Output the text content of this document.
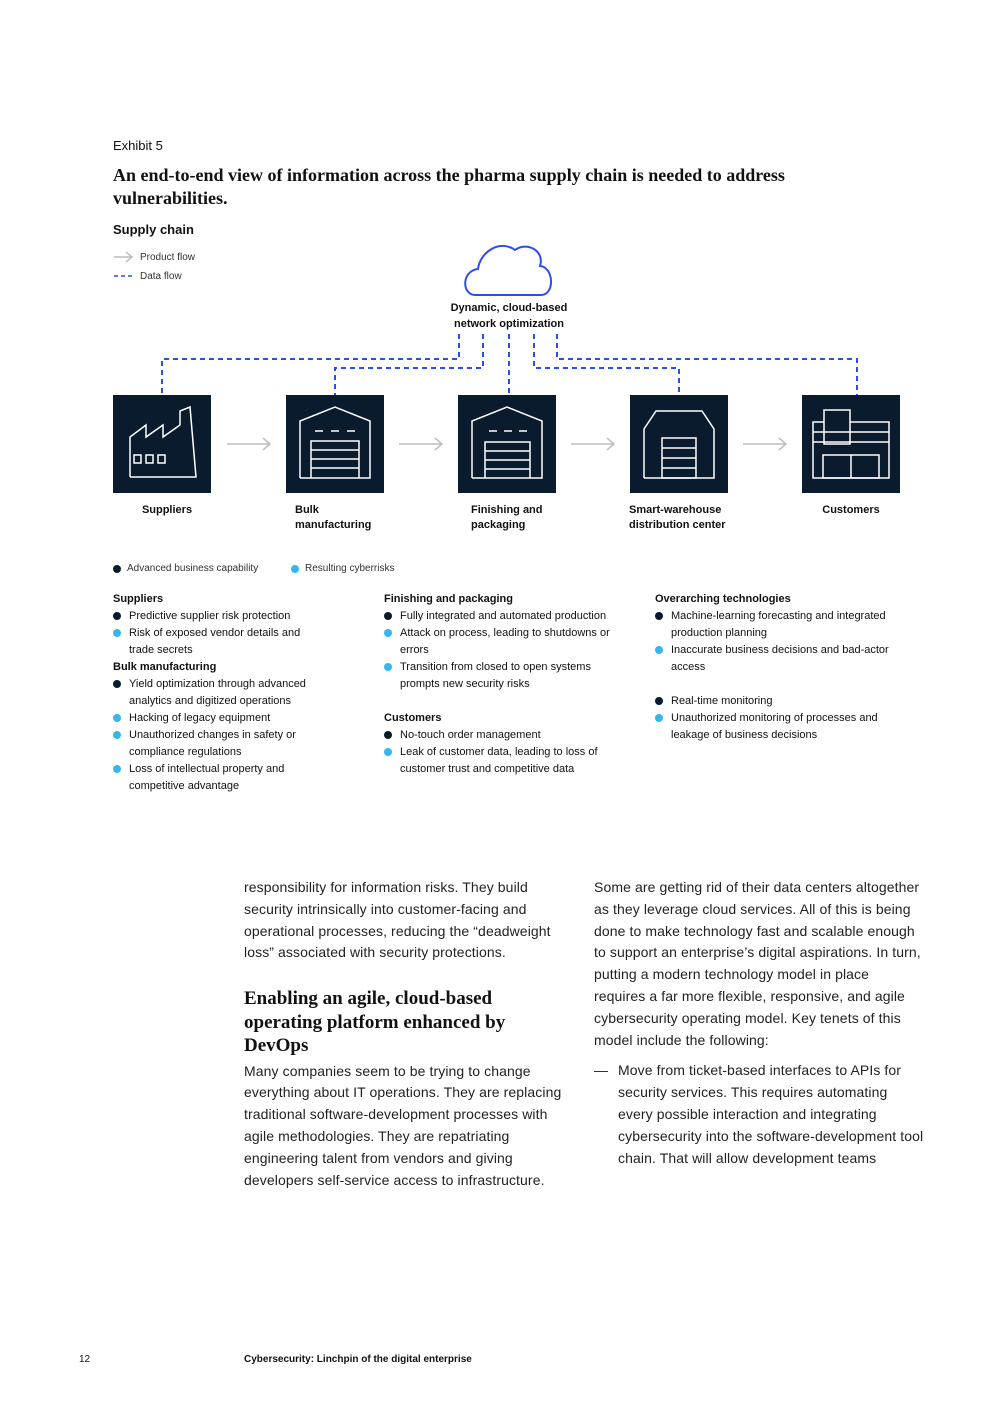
Exhibit 5
An end-to-end view of information across the pharma supply chain is needed to address vulnerabilities.
Supply chain
Product flow
Data flow
Dynamic, cloud-based
network optimization
Suppliers	Bulk
manufacturing
Finishing and
packaging
Smart-warehouse
distribution center
Customers
Advanced business capability	Resulting cyberrisks
Suppliers
Predictive supplier risk protection
Risk of exposed vendor details and trade secrets
Bulk manufacturing
Yield optimization through advanced analytics and digitized operations
Hacking of legacy equipment
Unauthorized changes in safety or compliance regulations
Loss of intellectual property and competitive advantage
Finishing and packaging
Fully integrated and automated production
Attack on process, leading to shutdowns or errors
Transition from closed to open systems prompts new security risks
Customers
No-touch order management
Leak of customer data, leading to loss of customer trust and competitive data
Overarching technologies
Machine-learning forecasting and integrated production planning
Inaccurate business decisions and bad-actor access
Real-time monitoring
Unauthorized monitoring of processes and leakage of business decisions

responsibility for information risks. They build security intrinsically into customer-facing and operational processes, reducing the “deadweight loss” associated with security protections.

Enabling an agile, cloud-based operating platform enhanced by DevOps

Many companies seem to be trying to change everything about IT operations. They are replacing traditional software-development processes with agile methodologies. They are repatriating engineering talent from vendors and giving developers self-service access to infrastructure.

Some are getting rid of their data centers altogether as they leverage cloud services. All of this is being done to make technology fast and scalable enough to support an enterprise’s digital aspirations. In turn, putting a modern technology model in place requires a far more flexible, responsive, and agile cybersecurity operating model. Key tenets of this model include the following:

— Move from ticket-based interfaces to APIs for security services. This requires automating every possible interaction and integrating cybersecurity into the software-development tool chain. That will allow development teams
12	Cybersecurity: Linchpin of the digital enterprise
